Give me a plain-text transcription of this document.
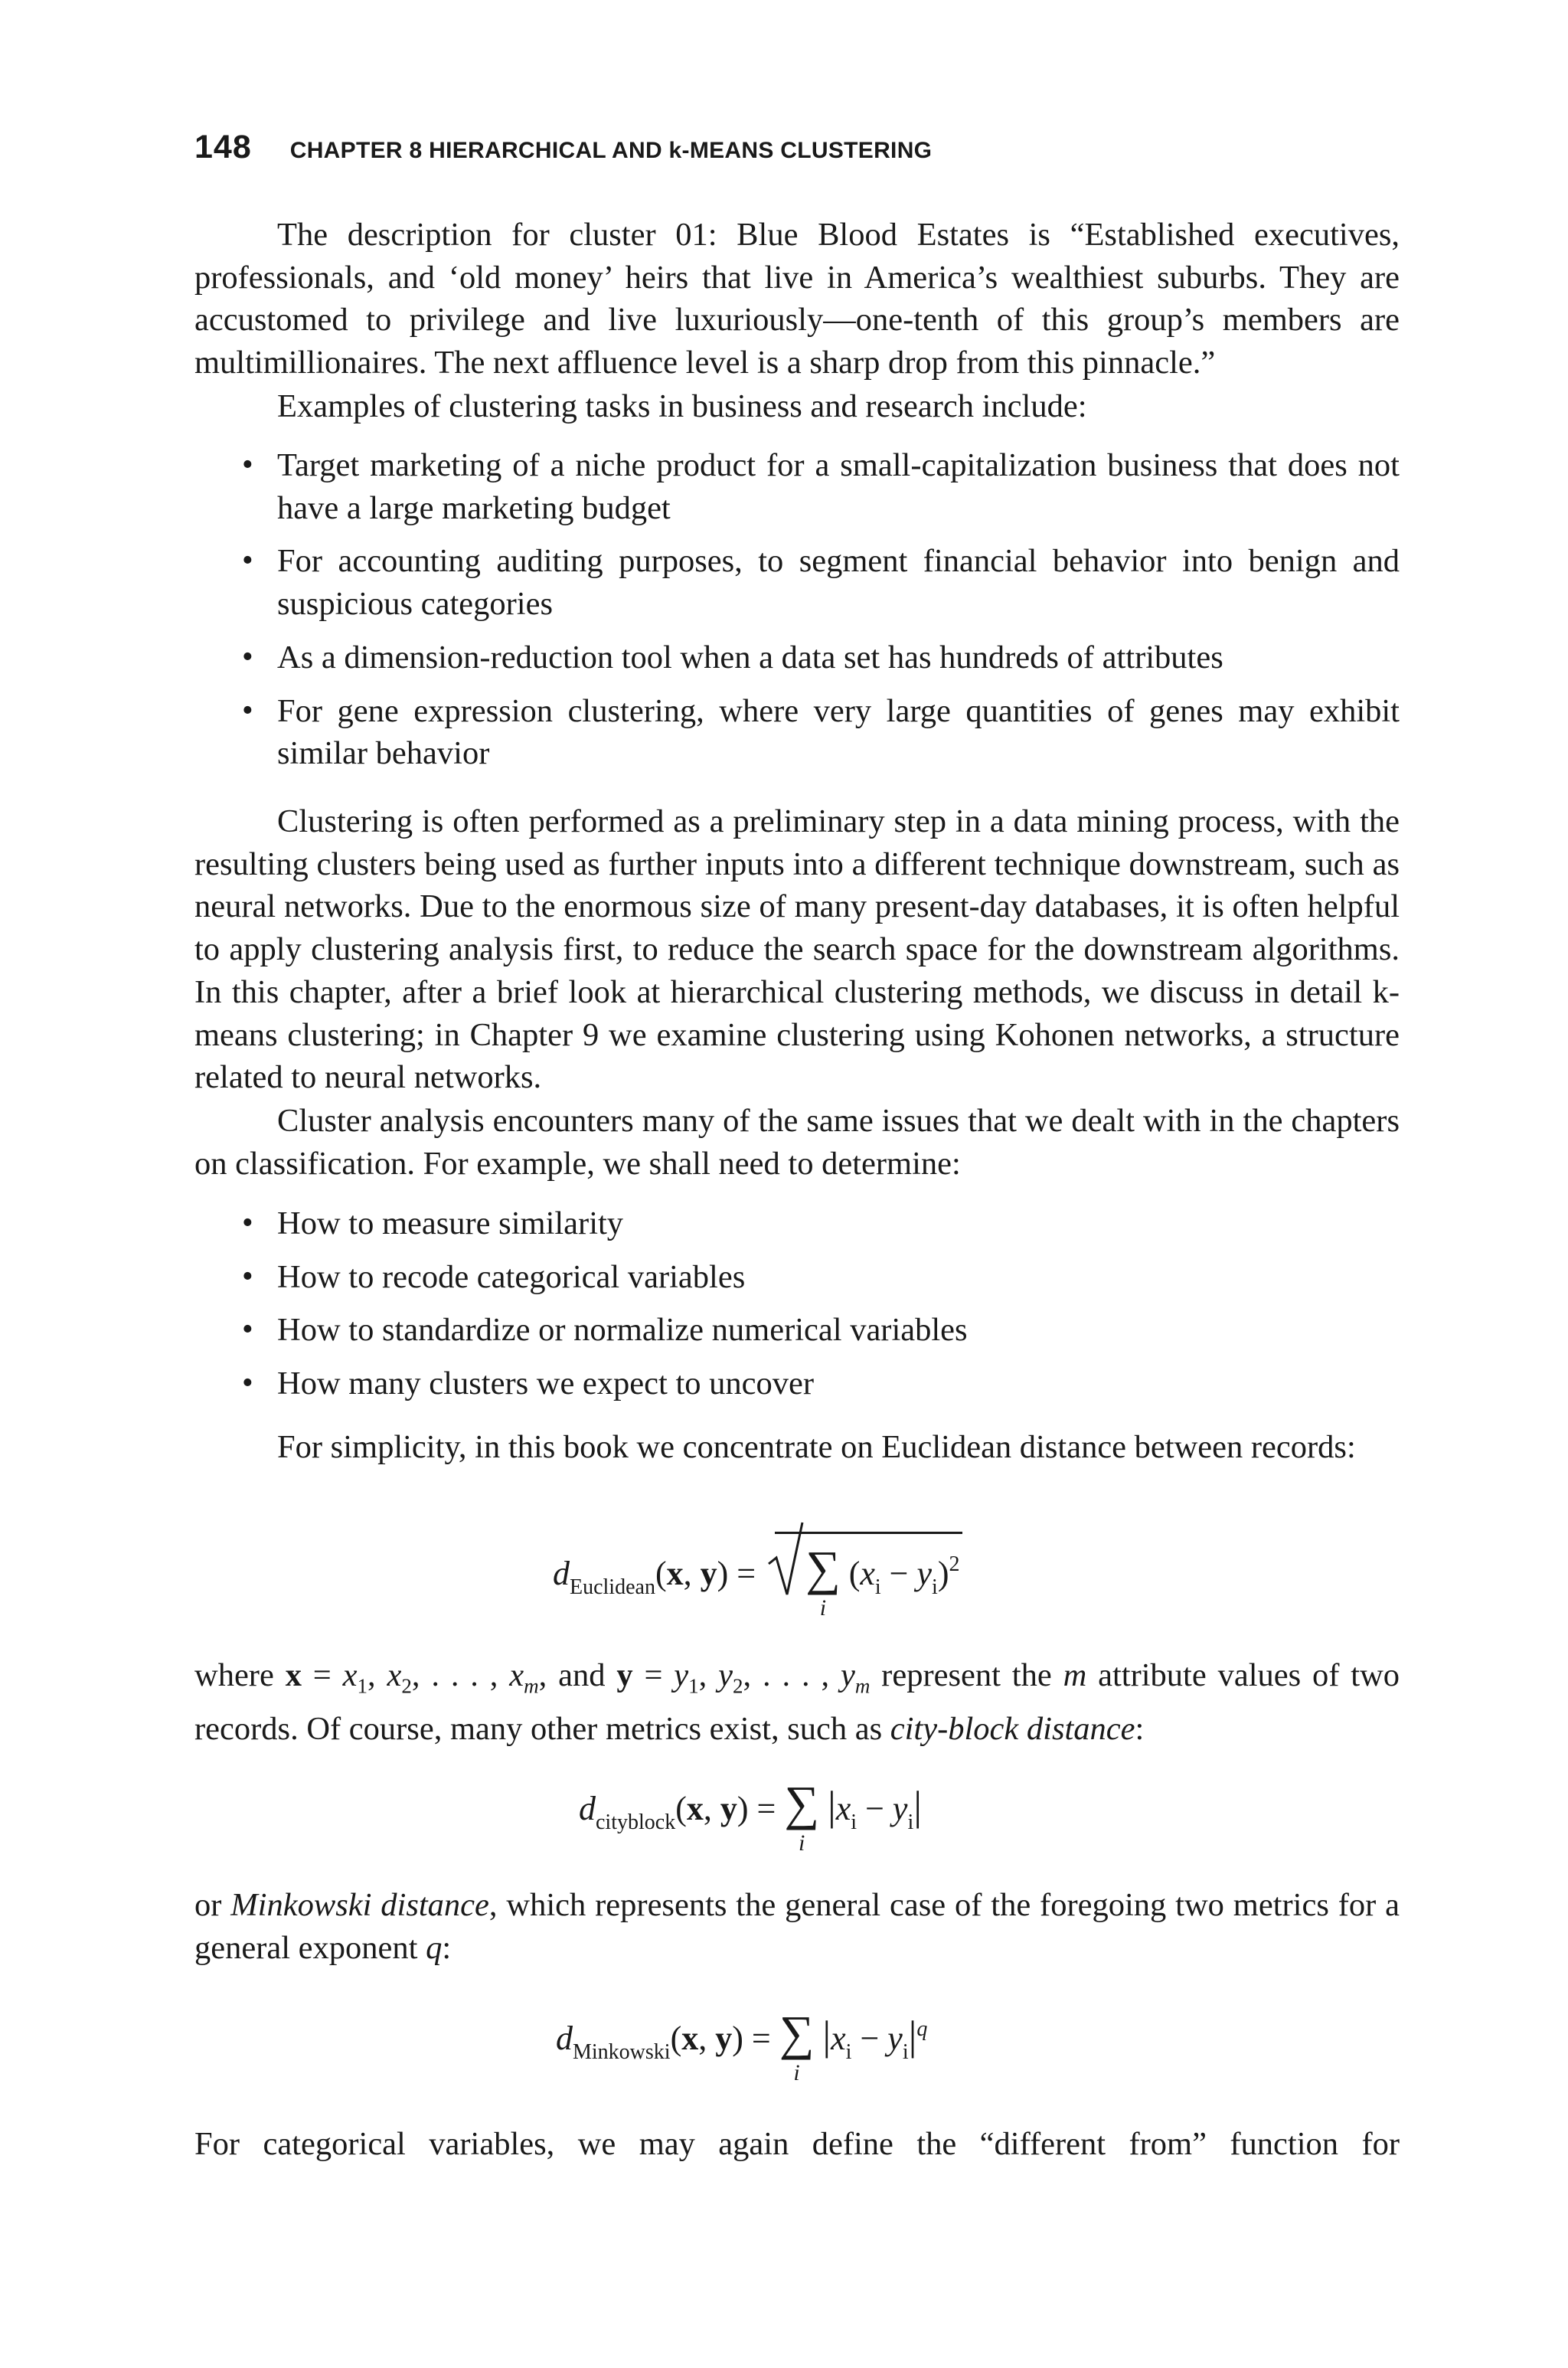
148 CHAPTER 8 HIERARCHICAL AND k-MEANS CLUSTERING
The description for cluster 01: Blue Blood Estates is “Established executives, professionals, and ‘old money’ heirs that live in America’s wealthiest suburbs. They are accustomed to privilege and live luxuriously—one-tenth of this group’s members are multimillionaires. The next affluence level is a sharp drop from this pinnacle.”
Examples of clustering tasks in business and research include:
• Target marketing of a niche product for a small-capitalization business that does not have a large marketing budget
• For accounting auditing purposes, to segment financial behavior into benign and suspicious categories
• As a dimension-reduction tool when a data set has hundreds of attributes
• For gene expression clustering, where very large quantities of genes may exhibit similar behavior
Clustering is often performed as a preliminary step in a data mining process, with the resulting clusters being used as further inputs into a different technique downstream, such as neural networks. Due to the enormous size of many present-day databases, it is often helpful to apply clustering analysis first, to reduce the search space for the downstream algorithms. In this chapter, after a brief look at hierarchical clustering methods, we discuss in detail k-means clustering; in Chapter 9 we examine clustering using Kohonen networks, a structure related to neural networks.
Cluster analysis encounters many of the same issues that we dealt with in the chapters on classification. For example, we shall need to determine:
• How to measure similarity
• How to recode categorical variables
• How to standardize or normalize numerical variables
• How many clusters we expect to uncover
For simplicity, in this book we concentrate on Euclidean distance between records:
$d_{Euclidean}(x$, y) =
∑
i
$(x_i - y_i)^2$
where $x = x_1$, $x_2$, . . . , $x_m$, and $y = y_1$, $y_2$, . . . , $y_m$ represent the m attribute values of two records. Of course, many other metrics exist, such as city-block distance:
$d_{cityblock}(x$, y) = ∑
i
$|x_i - y_i|$
or Minkowski distance, which represents the general case of the foregoing two metrics for a general exponent q:
$d_{Minkowski}(x$, y) = ∑
i
$|x_i - y_i|^q$
For categorical variables, we may again define the “different from” function for
